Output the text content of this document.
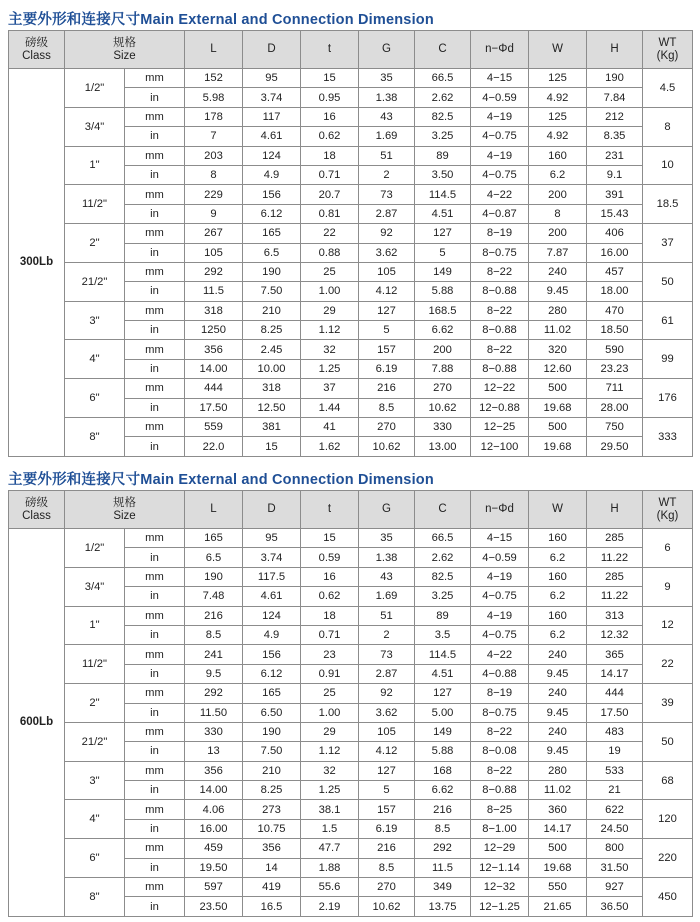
主要外形和连接尺寸Main External and Connection Dimension
磅级
Class	规格
Size		L	D	t	G	C	n−Φd	W	H	WT
(Kg)

300Lb	1/2"	mm	152	95	15	35	66.5	4−15	125	190	4.5
		in	5.98	3.74	0.95	1.38	2.62	4−0.59	4.92	7.84	
	3/4"	mm	178	117	16	43	82.5	4−19	125	212	8
		in	7	4.61	0.62	1.69	3.25	4−0.75	4.92	8.35	
	1"	mm	203	124	18	51	89	4−19	160	231	10
		in	8	4.9	0.71	2	3.50	4−0.75	6.2	9.1	
	11/2"	mm	229	156	20.7	73	114.5	4−22	200	391	18.5
		in	9	6.12	0.81	2.87	4.51	4−0.87	8	15.43	
	2"	mm	267	165	22	92	127	8−19	200	406	37
		in	105	6.5	0.88	3.62	5	8−0.75	7.87	16.00	
	21/2"	mm	292	190	25	105	149	8−22	240	457	50
		in	11.5	7.50	1.00	4.12	5.88	8−0.88	9.45	18.00	
	3"	mm	318	210	29	127	168.5	8−22	280	470	61
		in	1250	8.25	1.12	5	6.62	8−0.88	11.02	18.50	
	4"	mm	356	2.45	32	157	200	8−22	320	590	99
		in	14.00	10.00	1.25	6.19	7.88	8−0.88	12.60	23.23	
	6"	mm	444	318	37	216	270	12−22	500	711	176
		in	17.50	12.50	1.44	8.5	10.62	12−0.88	19.68	28.00	
	8"	mm	559	381	41	270	330	12−25	500	750	333
		in	22.0	15	1.62	10.62	13.00	12−100	19.68	29.50	
主要外形和连接尺寸Main External and Connection Dimension
磅级
Class	规格
Size		L	D	t	G	C	n−Φd	W	H	WT
(Kg)

600Lb	1/2"	mm	165	95	15	35	66.5	4−15	160	285	6
		in	6.5	3.74	0.59	1.38	2.62	4−0.59	6.2	11.22	
	3/4"	mm	190	117.5	16	43	82.5	4−19	160	285	9
		in	7.48	4.61	0.62	1.69	3.25	4−0.75	6.2	11.22	
	1"	mm	216	124	18	51	89	4−19	160	313	12
		in	8.5	4.9	0.71	2	3.5	4−0.75	6.2	12.32	
	11/2"	mm	241	156	23	73	114.5	4−22	240	365	22
		in	9.5	6.12	0.91	2.87	4.51	4−0.88	9.45	14.17	
	2"	mm	292	165	25	92	127	8−19	240	444	39
		in	11.50	6.50	1.00	3.62	5.00	8−0.75	9.45	17.50	
	21/2"	mm	330	190	29	105	149	8−22	240	483	50
		in	13	7.50	1.12	4.12	5.88	8−0.08	9.45	19	
	3"	mm	356	210	32	127	168	8−22	280	533	68
		in	14.00	8.25	1.25	5	6.62	8−0.88	11.02	21	
	4"	mm	4.06	273	38.1	157	216	8−25	360	622	120
		in	16.00	10.75	1.5	6.19	8.5	8−1.00	14.17	24.50	
	6"	mm	459	356	47.7	216	292	12−29	500	800	220
		in	19.50	14	1.88	8.5	11.5	12−1.14	19.68	31.50	
	8"	mm	597	419	55.6	270	349	12−32	550	927	450
		in	23.50	16.5	2.19	10.62	13.75	12−1.25	21.65	36.50	
